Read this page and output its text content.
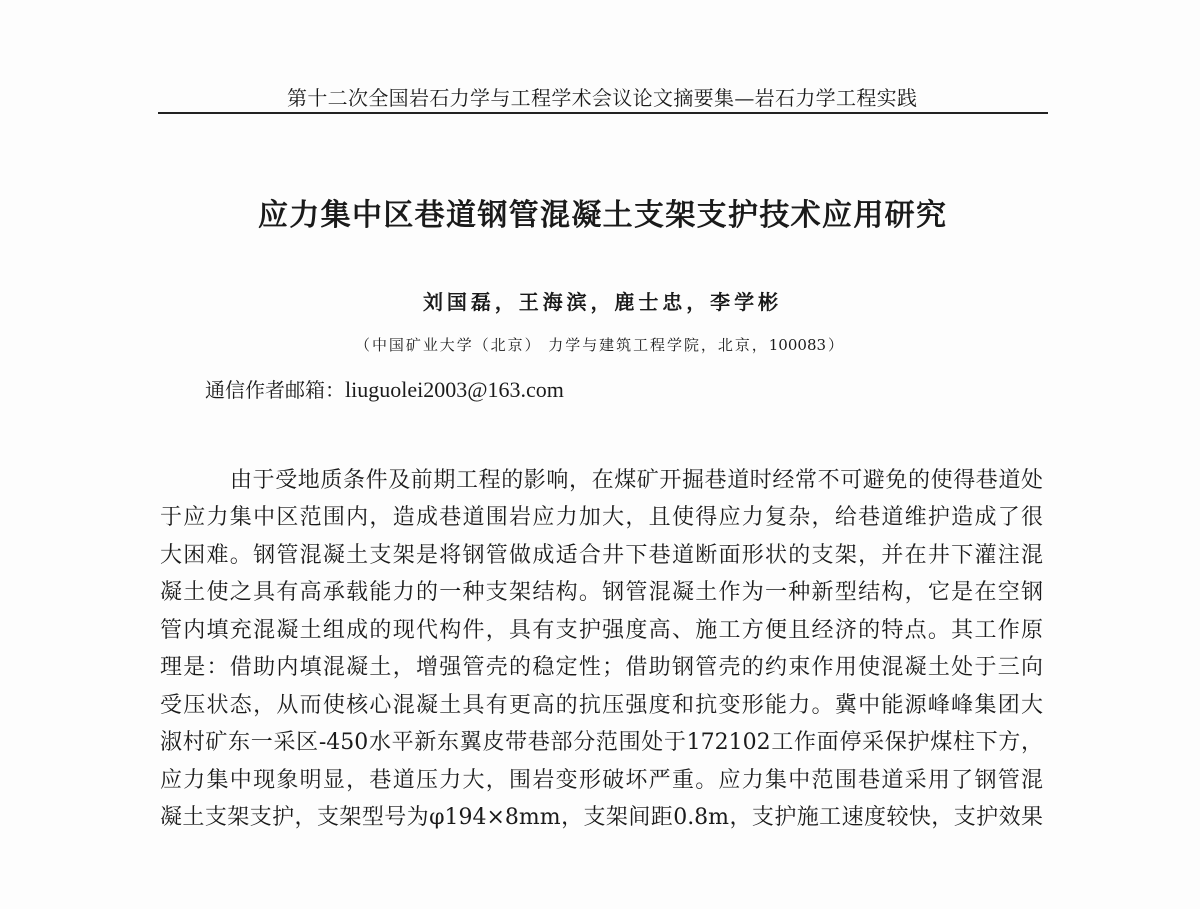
第十二次全国岩石力学与工程学术会议论文摘要集—岩石力学工程实践
应力集中区巷道钢管混凝土支架支护技术应用研究
刘国磊，王海滨，鹿士忠，李学彬
（中国矿业大学（北京） 力学与建筑工程学院，北京，100083）
通信作者邮箱：liuguolei2003@163.com
由于受地质条件及前期工程的影响，在煤矿开掘巷道时经常不可避免的使得巷道处
于应力集中区范围内，造成巷道围岩应力加大，且使得应力复杂，给巷道维护造成了很
大困难。钢管混凝土支架是将钢管做成适合井下巷道断面形状的支架，并在井下灌注混
凝土使之具有高承载能力的一种支架结构。钢管混凝土作为一种新型结构，它是在空钢
管内填充混凝土组成的现代构件，具有支护强度高、施工方便且经济的特点。其工作原
理是：借助内填混凝土，增强管壳的稳定性；借助钢管壳的约束作用使混凝土处于三向
受压状态，从而使核心混凝土具有更高的抗压强度和抗变形能力。冀中能源峰峰集团大
淑村矿东一采区-450水平新东翼皮带巷部分范围处于172102工作面停采保护煤柱下方，
应力集中现象明显，巷道压力大，围岩变形破坏严重。应力集中范围巷道采用了钢管混
凝土支架支护，支架型号为φ194×8mm，支架间距0.8m，支护施工速度较快，支护效果
